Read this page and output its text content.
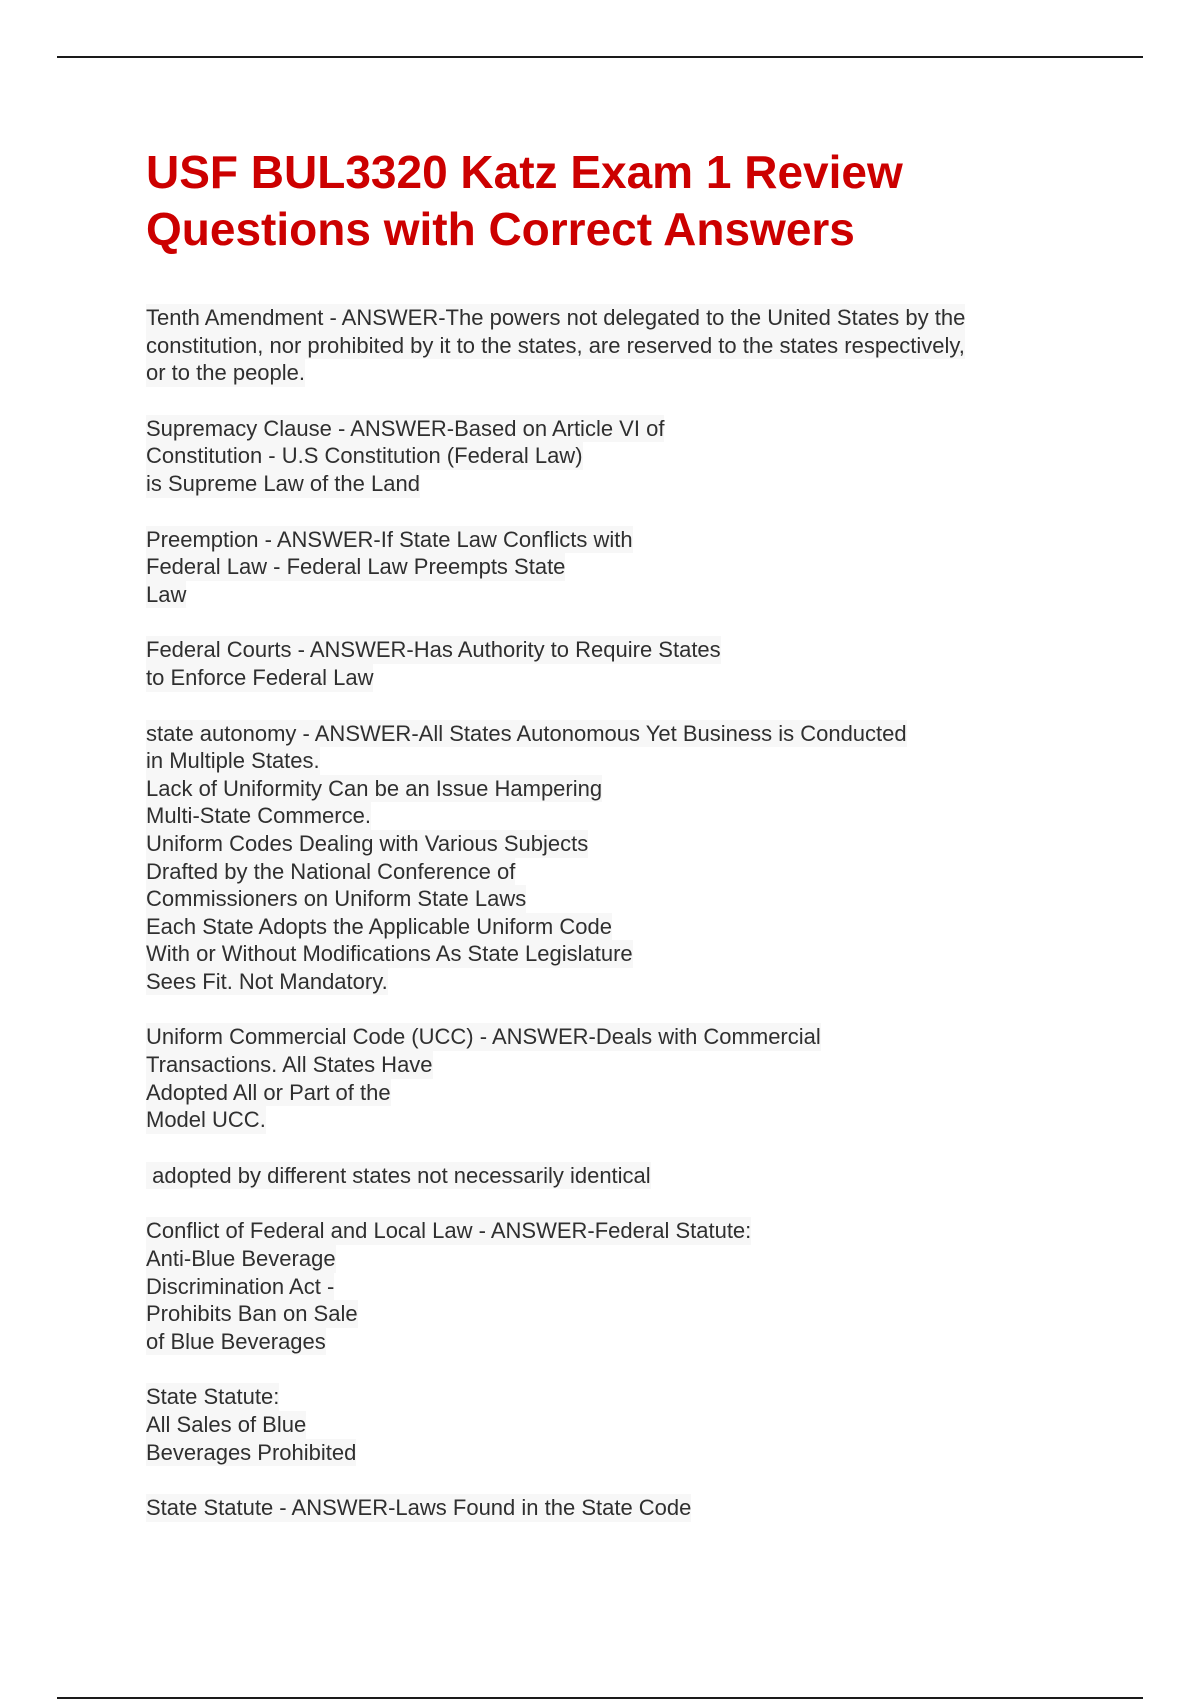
USF BUL3320 Katz Exam 1 Review
Questions with Correct Answers
Tenth Amendment - ANSWER-The powers not delegated to the United States by the
constitution, nor prohibited by it to the states, are reserved to the states respectively,
or to the people.
Supremacy Clause - ANSWER-Based on Article VI of
Constitution - U.S Constitution (Federal Law)
is Supreme Law of the Land
Preemption - ANSWER-If State Law Conflicts with
Federal Law - Federal Law Preempts State
Law
Federal Courts - ANSWER-Has Authority to Require States
to Enforce Federal Law
state autonomy - ANSWER-All States Autonomous Yet Business is Conducted
in Multiple States.
Lack of Uniformity Can be an Issue Hampering
Multi-State Commerce.
Uniform Codes Dealing with Various Subjects
Drafted by the National Conference of
Commissioners on Uniform State Laws
Each State Adopts the Applicable Uniform Code
With or Without Modifications As State Legislature
Sees Fit. Not Mandatory.
Uniform Commercial Code (UCC) - ANSWER-Deals with Commercial
Transactions. All States Have
Adopted All or Part of the
Model UCC.
adopted by different states not necessarily identical
Conflict of Federal and Local Law - ANSWER-Federal Statute:
Anti-Blue Beverage
Discrimination Act -
Prohibits Ban on Sale
of Blue Beverages
State Statute:
All Sales of Blue
Beverages Prohibited
State Statute - ANSWER-Laws Found in the State Code
